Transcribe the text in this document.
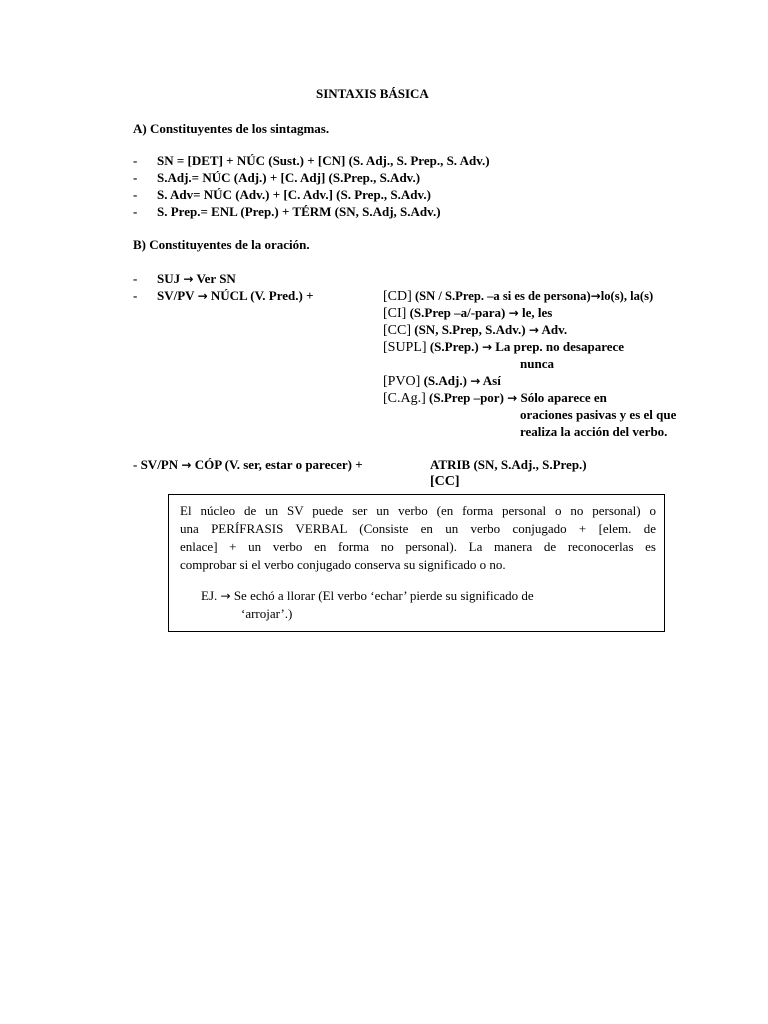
SINTAXIS BÁSICA
A) Constituyentes de los sintagmas.
- SN = [DET] + NÚC (Sust.) + [CN] (S. Adj., S. Prep., S. Adv.)
- S.Adj.= NÚC (Adj.) + [C. Adj] (S.Prep., S.Adv.)
- S. Adv= NÚC (Adv.) + [C. Adv.] (S. Prep., S.Adv.)
- S. Prep.= ENL (Prep.) + TÉRM (SN, S.Adj, S.Adv.)
B) Constituyentes de la oración.
- SUJ → Ver SN
- SV/PV → NÚCL (V. Pred.) +	[CD] (SN / S.Prep. –a si es de persona)→lo(s), la(s)
[CI] (S.Prep –a/-para) → le, les
[CC] (SN, S.Prep, S.Adv.) → Adv.
[SUPL] (S.Prep.) → La prep. no desaparece
nunca
[PVO] (S.Adj.) → Así
[C.Ag.] (S.Prep –por) → Sólo aparece en
oraciones pasivas y es el que
realiza la acción del verbo.
- SV/PN → CÓP (V. ser, estar o parecer) +	ATRIB (SN, S.Adj., S.Prep.)
[CC]
El núcleo de un SV puede ser un verbo (en forma personal o no personal) o
una PERÍFRASIS VERBAL (Consiste en un verbo conjugado + [elem. de
enlace] + un verbo en forma no personal). La manera de reconocerlas es
comprobar si el verbo conjugado conserva su significado o no.
EJ. → Se echó a llorar (El verbo ‘echar’ pierde su significado de
‘arrojar’.)
